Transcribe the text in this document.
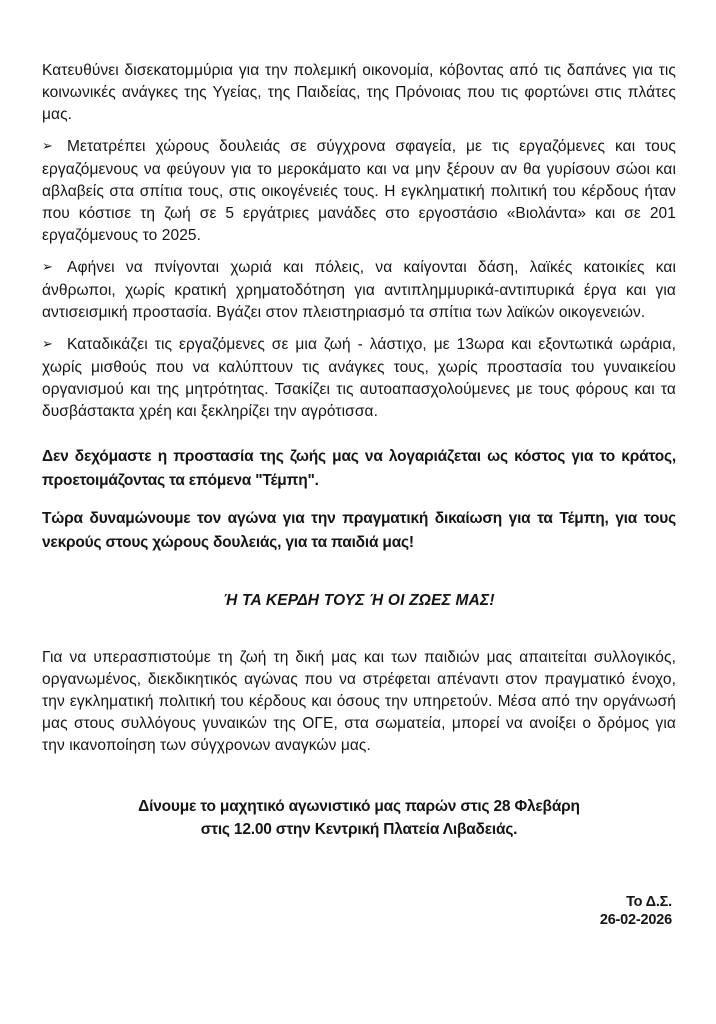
Κατευθύνει δισεκατομμύρια για την πολεμική οικονομία, κόβοντας από τις δαπάνες για τις κοινωνικές ανάγκες της Υγείας, της Παιδείας, της Πρόνοιας που τις φορτώνει στις πλάτες μας.

➢ Μετατρέπει χώρους δουλειάς σε σύγχρονα σφαγεία, με τις εργαζόμενες και τους εργαζόμενους να φεύγουν για το μεροκάματο και να μην ξέρουν αν θα γυρίσουν σώοι και αβλαβείς στα σπίτια τους, στις οικογένειές τους. Η εγκληματική πολιτική του κέρδους ήταν που κόστισε τη ζωή σε 5 εργάτριες μανάδες στο εργοστάσιο «Βιολάντα» και σε 201 εργαζόμενους το 2025.

➢ Αφήνει να πνίγονται χωριά και πόλεις, να καίγονται δάση, λαϊκές κατοικίες και άνθρωποι, χωρίς κρατική χρηματοδότηση για αντιπλημμυρικά-αντιπυρικά έργα και για αντισεισμική προστασία. Βγάζει στον πλειστηριασμό τα σπίτια των λαϊκών οικογενειών.

➢ Καταδικάζει τις εργαζόμενες σε μια ζωή - λάστιχο, με 13ωρα και εξοντωτικά ωράρια, χωρίς μισθούς που να καλύπτουν τις ανάγκες τους, χωρίς προστασία του γυναικείου οργανισμού και της μητρότητας. Τσακίζει τις αυτοαπασχολούμενες με τους φόρους και τα δυσβάστακτα χρέη και ξεκληρίζει την αγρότισσα.

Δεν δεχόμαστε η προστασία της ζωής μας να λογαριάζεται ως κόστος για το κράτος, προετοιμάζοντας τα επόμενα "Τέμπη".

Τώρα δυναμώνουμε τον αγώνα για την πραγματική δικαίωση για τα Τέμπη, για τους νεκρούς στους χώρους δουλειάς, για τα παιδιά μας!

Ή ΤΑ ΚΕΡΔΗ ΤΟΥΣ Ή ΟΙ ΖΩΕΣ ΜΑΣ!

Για να υπερασπιστούμε τη ζωή τη δική μας και των παιδιών μας απαιτείται συλλογικός, οργανωμένος, διεκδικητικός αγώνας που να στρέφεται απέναντι στον πραγματικό ένοχο, την εγκληματική πολιτική του κέρδους και όσους την υπηρετούν. Μέσα από την οργάνωσή μας στους συλλόγους γυναικών της ΟΓΕ, στα σωματεία, μπορεί να ανοίξει ο δρόμος για την ικανοποίηση των σύγχρονων αναγκών μας.

Δίνουμε το μαχητικό αγωνιστικό μας παρών στις 28 Φλεβάρη
στις 12.00 στην Κεντρική Πλατεία Λιβαδειάς.

Το Δ.Σ.
26-02-2026
